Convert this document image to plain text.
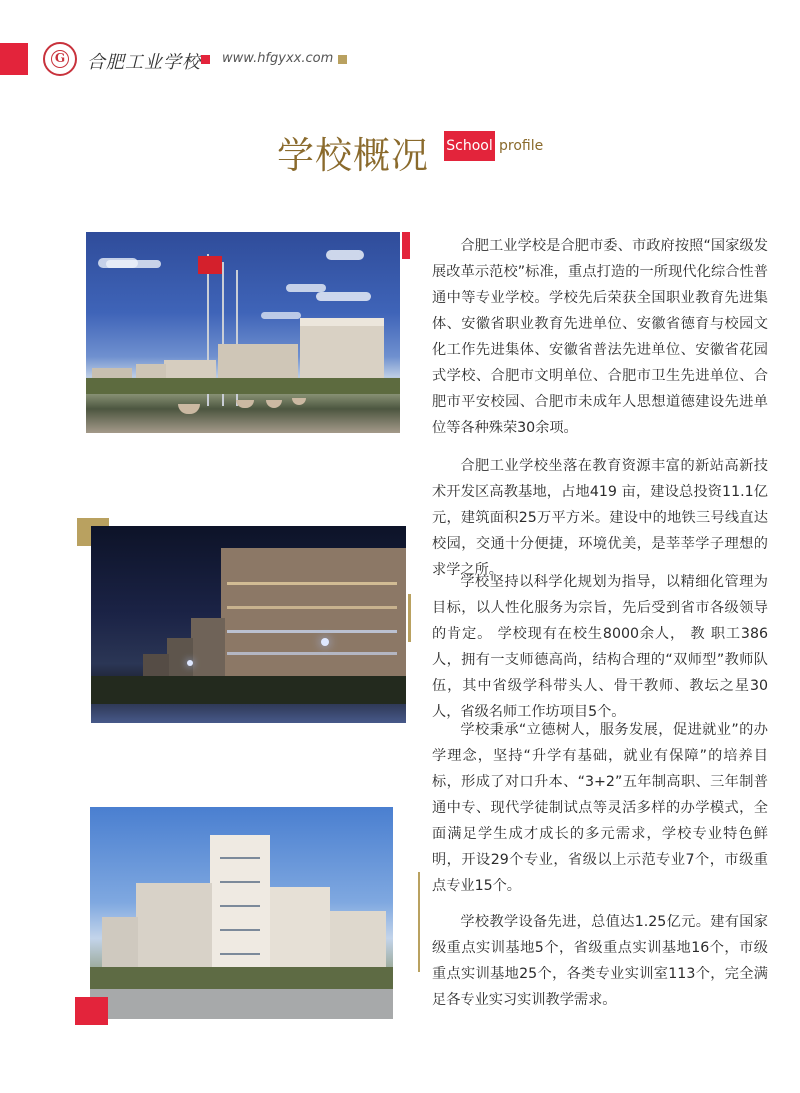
G	合肥工业学校 www.hfgyxx.com
学校概况 School profile

合肥工业学校是合肥市委、市政府按照“国家级发展改革示范校”标准，重点打造的一所现代化综合性普通中等专业学校。学校先后荣获全国职业教育先进集体、安徽省职业教育先进单位、安徽省德育与校园文化工作先进集体、安徽省普法先进单位、安徽省花园式学校、合肥市文明单位、合肥市卫生先进单位、合肥市平安校园、合肥市未成年人思想道德建设先进单位等各种殊荣30余项。

合肥工业学校坐落在教育资源丰富的新站高新技术开发区高教基地，占地419 亩，建设总投资11.1亿元，建筑面积25万平方米。建设中的地铁三号线直达校园，交通十分便捷，环境优美，是莘莘学子理想的求学之所。

学校坚持以科学化规划为指导，以精细化管理为目标，以人性化服务为宗旨，先后受到省市各级领导的肯定。 学校现有在校生8000余人， 教 职工386人，拥有一支师德高尚，结构合理的“双师型”教师队伍，其中省级学科带头人、骨干教师、教坛之星30人，省级名师工作坊项目5个。

学校秉承“立德树人，服务发展，促进就业”的办学理念，坚持“升学有基础，就业有保障”的培养目标，形成了对口升本、“3+2”五年制高职、三年制普通中专、现代学徒制试点等灵活多样的办学模式，全面满足学生成才成长的多元需求，学校专业特色鲜明，开设29个专业，省级以上示范专业7个，市级重点专业15个。

学校教学设备先进，总值达1.25亿元。建有国家级重点实训基地5个，省级重点实训基地16个，市级重点实训基地25个，各类专业实训室113个，完全满足各专业实习实训教学需求。
